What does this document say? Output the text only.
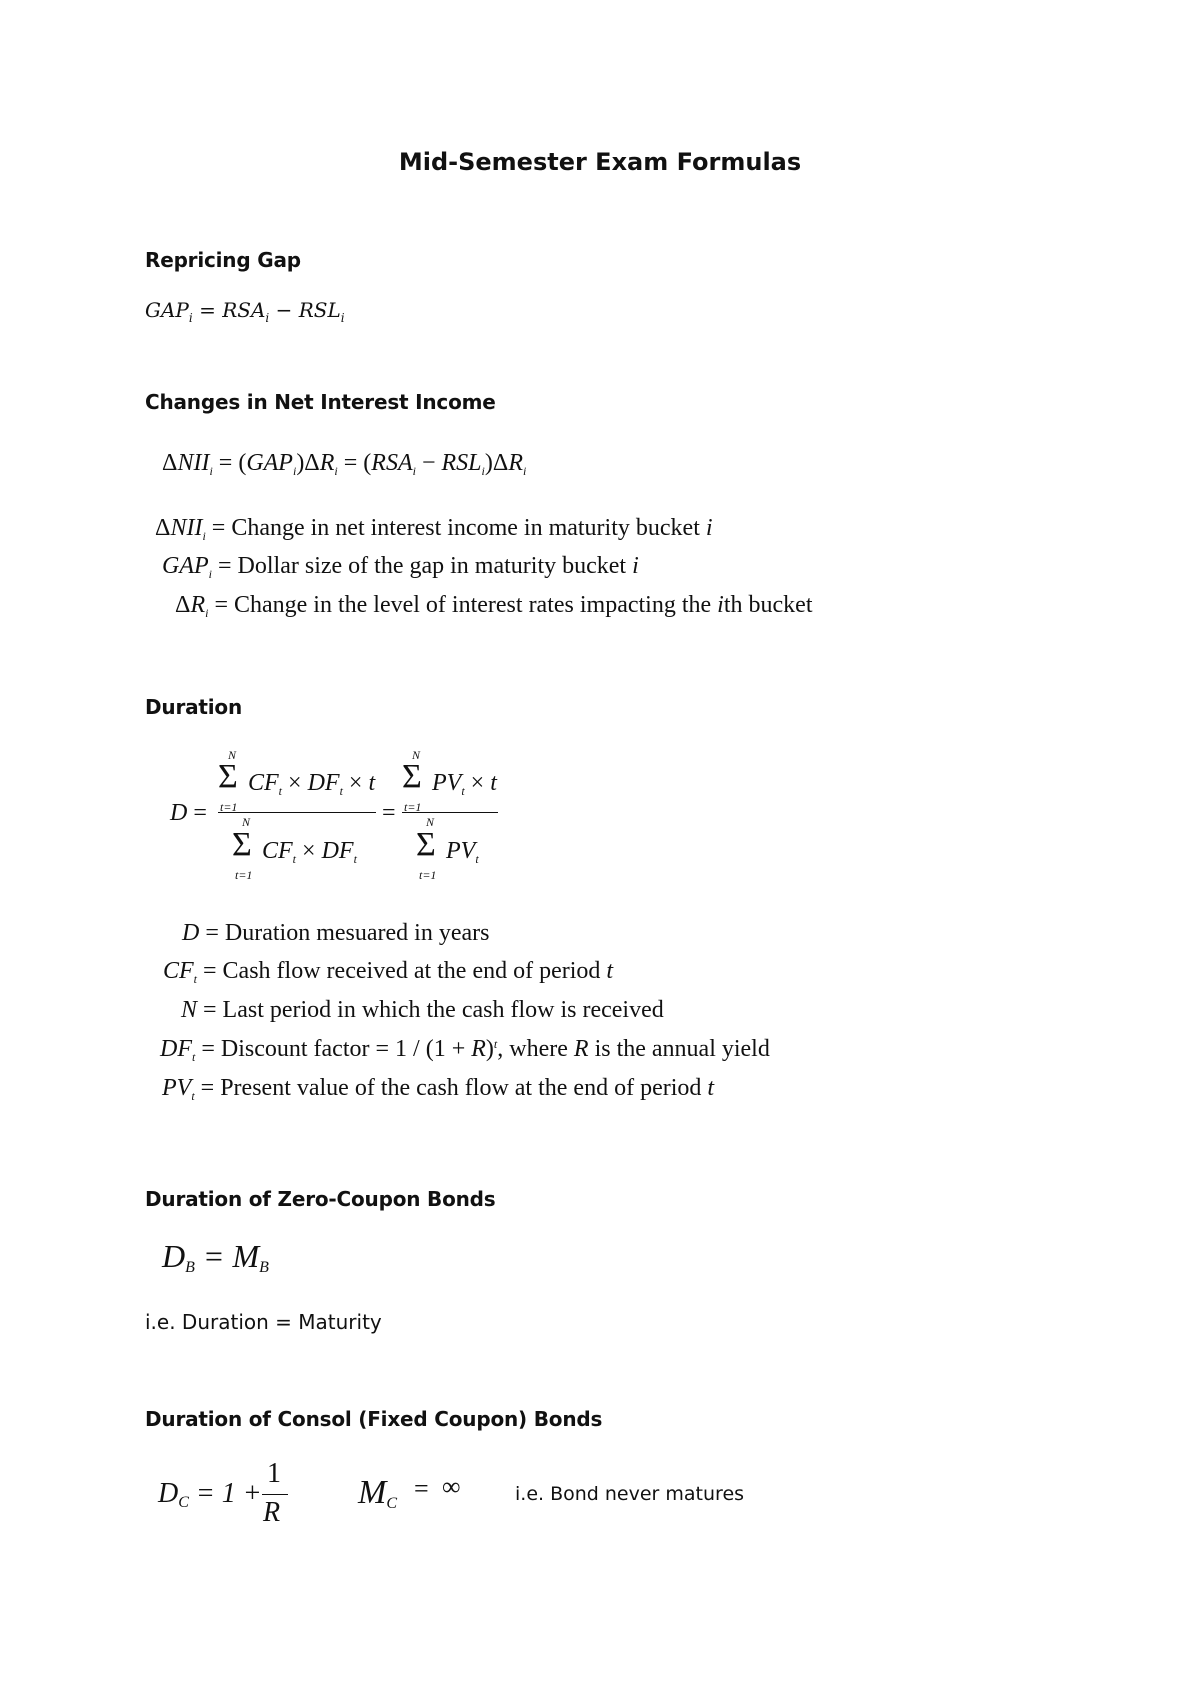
Mid-Semester Exam Formulas
Repricing Gap
$GAP_i = RSA_i - RSL_i$
Changes in Net Interest Income
$\Delta NII_i = (GAP_i)\Delta R_i = (RSA_i - RSL_i)\Delta R_i$
$\Delta NII_i$ = Change in net interest income in maturity bucket i
$GAP_i$ = Dollar size of the gap in maturity bucket i
$\Delta R_i$ = Change in the level of interest rates impacting the ith bucket
Duration
D =
N
Σ
t=1
$CF_t \times DF_t \times t$
N
Σ
t=1
$CF_t \times DF_t$
=
N
Σ
t=1
$PV_t \times t$
N
Σ
t=1
$PV_t$
D = Duration mesuared in years
$CF_t$ = Cash flow received at the end of period t
N = Last period in which the cash flow is received
$DF_t$ = Discount factor = $1 / (1 + R)^t$, where R is the annual yield
$PV_t$ = Present value of the cash flow at the end of period t
Duration of Zero-Coupon Bonds
$D_B = M_B$
i.e. Duration = Maturity
Duration of Consol (Fixed Coupon) Bonds
$D_C = 1$ +
1
R
$M_C$
= ∞	i.e. Bond never matures
